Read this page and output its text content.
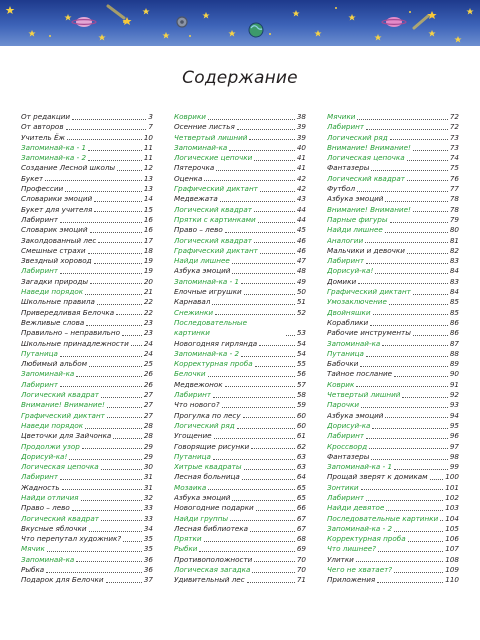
Содержание
От редакции	3
От авторов	7
Учитель Ёж	10
Запоминай-ка - 1	11
Запоминай-ка - 2	11
Создание Лесной школы	12
Букет	13
Профессии	13
Словарики эмоций	14
Букет для учителя	15
Лабиринт	16
Словарик эмоций	16
Заколдованный лес	17
Смешные страхи	18
Звездный хоровод	19
Лабиринт	19
Загадки природы	20
Наведи порядок	21
Школьные правила	22
Привередливая Белочка	22
Вежливые слова	23
Правильно – неправильно	23
Школьные принадлежности 24
Путаница	24
Любимый альбом	25
Запоминай-ка	26
Лабиринт	26
Логический квадрат	27
Внимание! Внимание!	27
Графический диктант	27
Наведи порядок	28
Цветочки для Зайчонка	28
Продолжи узор	29
Дорисуй-ка!	29
Логическая цепочка	30
Лабиринт	31
Жадность	31
Найди отличия	32
Право – лево	33
Логический квадрат	33
Вкусные яблочки	34
Что перепутал художник?	35
Мячик	35
Запоминай-ка	36
Рыбка	36
Подарок для Белочки	37
Коврики	38
Осенние листья	39
Четвертый лишний	39
Запоминай-ка	40
Логические цепочки	41
Пятерочка	41
Оценка	42
Графический диктант	42
Медвежата	43
Логический квадрат	44
Прятки с картинками	44
Право – лево	45
Логический квадрат	46
Графический диктант	46
Найди лишнее	47
Азбука эмоций	48
Запоминай-ка - 1	49
Елочные игрушки	50
Карнавал	51
Снежинки	52
Последовательные картинки	53
Новогодняя гирлянда	54
Запоминай-ка - 2	54
Корректурная проба	55
Белочки	56
Медвежонок	57
Лабиринт	58
Что нового?	59
Прогулка по лесу	60
Логический ряд	60
Угощение	61
Говорящие рисунки	62
Путаница	63
Хитрые квадраты	63
Лесная больница	64
Мозаика	65
Азбука эмоций	65
Новогодние подарки	66
Найди группы	67
Лесная библиотека	67
Прятки	68
Рыбки	69
Противоположности	70
Логическая загадка	70
Удивительный лес	71
Мячики	72
Лабиринт	72
Логический ряд	73
Внимание! Внимание!	73
Логическая цепочка	74
Фантазеры	75
Логический квадрат	76
Футбол	77
Азбука эмоций	78
Внимание! Внимание!	78
Парные фигуры	79
Найди лишнее	80
Аналогии	81
Мальчики и девочки	82
Лабиринт	83
Дорисуй-ка!	84
Домики	83
Графический диктант	84
Умозаключение	85
Двойняшки	85
Кораблики	86
Рабочие инструменты	86
Запоминай-ка	87
Путаница	88
Бабочки	89
Тайное послание	90
Коврик	91
Четвертый лишний	92
Парочки	93
Азбука эмоций	94
Дорисуй-ка	95
Лабиринт	96
Кроссворд	97
Фантазеры	98
Запоминай-ка - 1	99
Прощай зверят к домикам 100
Зонтики	101
Лабиринт	102
Найди девятое	103
Последовательные картинки 104
Запоминай-ка - 2	105
Корректурная проба	106
Что лишнее?	107
Улитки	108
Чего не хватает?	109
Приложения	110
